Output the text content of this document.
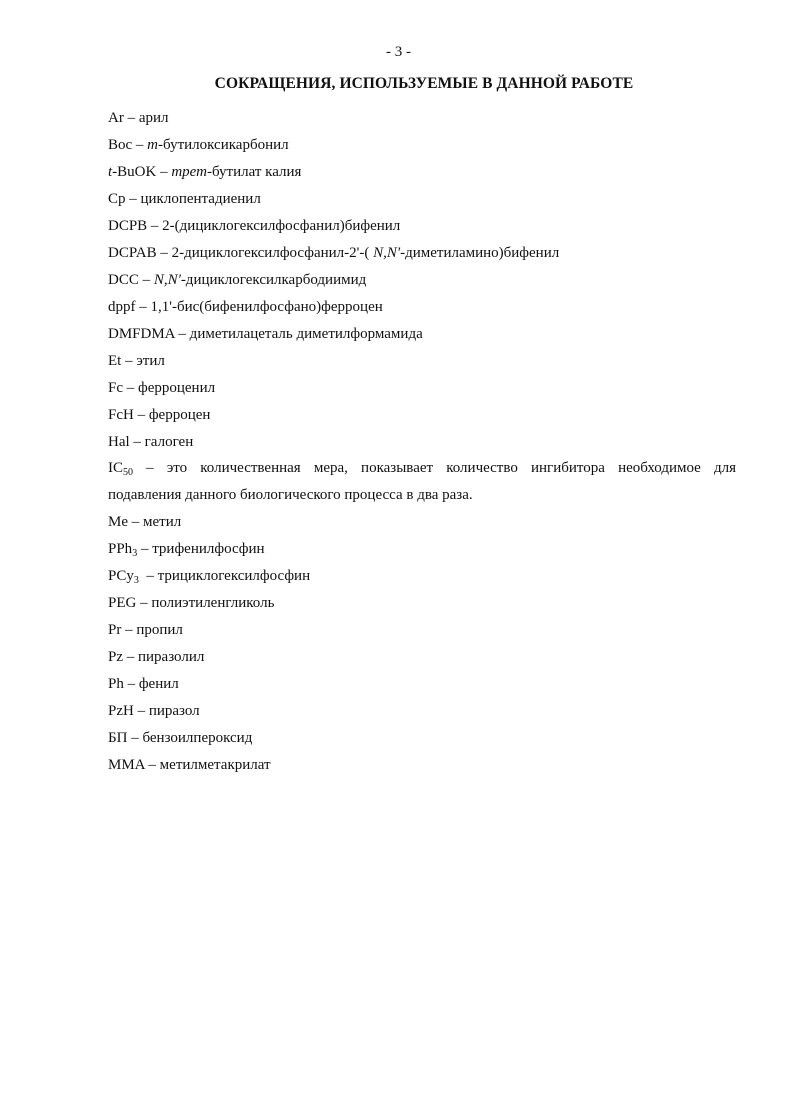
- 3 -
СОКРАЩЕНИЯ, ИСПОЛЬЗУЕМЫЕ В ДАННОЙ РАБОТЕ
Ar – арил
Boc – т-бутилоксикарбонил
t-BuOK – трет-бутилат калия
Cp – циклопентадиенил
DCPB – 2-(дициклогексилфосфанил)бифенил
DCPAB – 2-дициклогексилфосфанил-2'-( N,N'-диметиламино)бифенил
DCC – N,N'-дициклогексилкарбодиимид
dppf – 1,1'-бис(бифенилфосфано)ферроцен
DMFDMA – диметилацеталь диметилформамида
Et – этил
Fc – ферроценил
FcH – ферроцен
Hal – галоген
$IC_{50}$ – это количественная мера, показывает количество ингибитора необходимое для
подавления данного биологического процесса в два раза.
Me – метил
PPh$_3$ – трифенилфосфин
PCy$_3$  – трициклогексилфосфин
PEG – полиэтиленгликоль
Pr – пропил
Pz – пиразолил
Ph – фенил
PzH – пиразол
БП – бензоилпероксид
MMA – метилметакрилат
